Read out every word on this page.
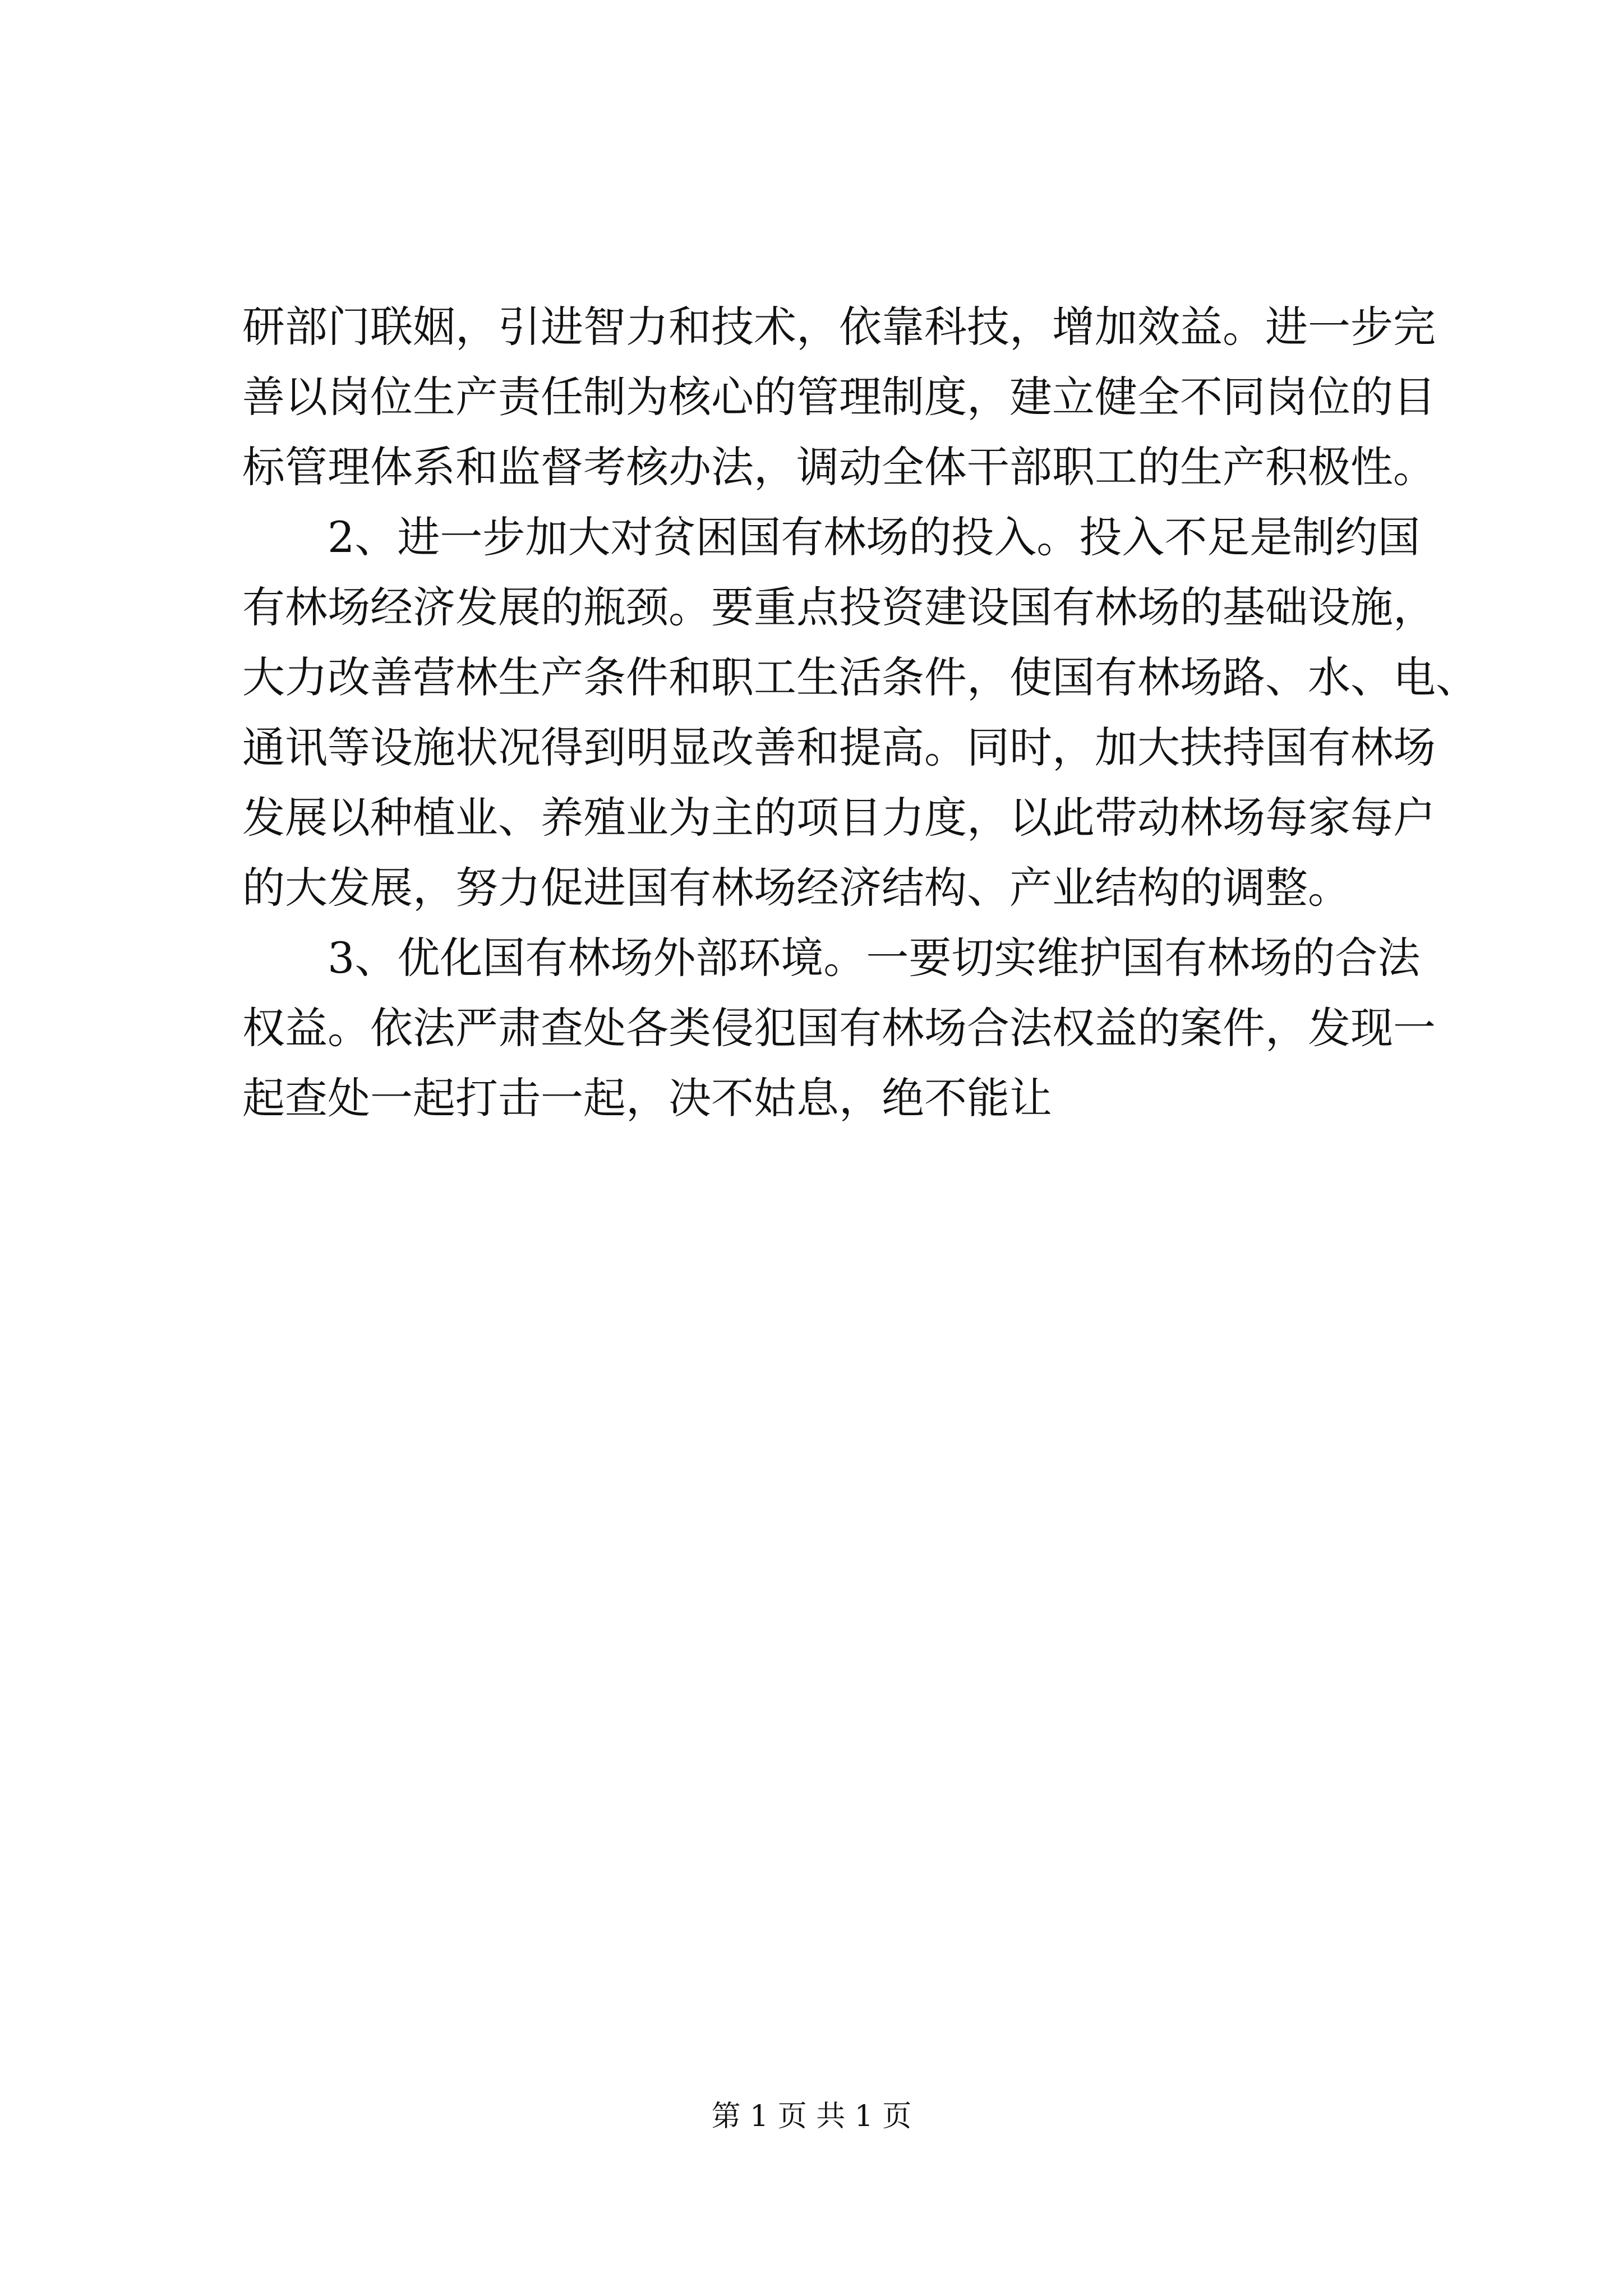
研部门联姻，引进智力和技术，依靠科技，增加效益。进一步完
善以岗位生产责任制为核心的管理制度，建立健全不同岗位的目
标管理体系和监督考核办法，调动全体干部职工的生产积极性。
2、进一步加大对贫困国有林场的投入。投入不足是制约国
有林场经济发展的瓶颈。要重点投资建设国有林场的基础设施，
大力改善营林生产条件和职工生活条件，使国有林场路、水、电、
通讯等设施状况得到明显改善和提高。同时，加大扶持国有林场
发展以种植业、养殖业为主的项目力度，以此带动林场每家每户
的大发展，努力促进国有林场经济结构、产业结构的调整。
3、优化国有林场外部环境。一要切实维护国有林场的合法
权益。依法严肃查处各类侵犯国有林场合法权益的案件，发现一
起查处一起打击一起，决不姑息，绝不能让
第 1 页 共 1 页
